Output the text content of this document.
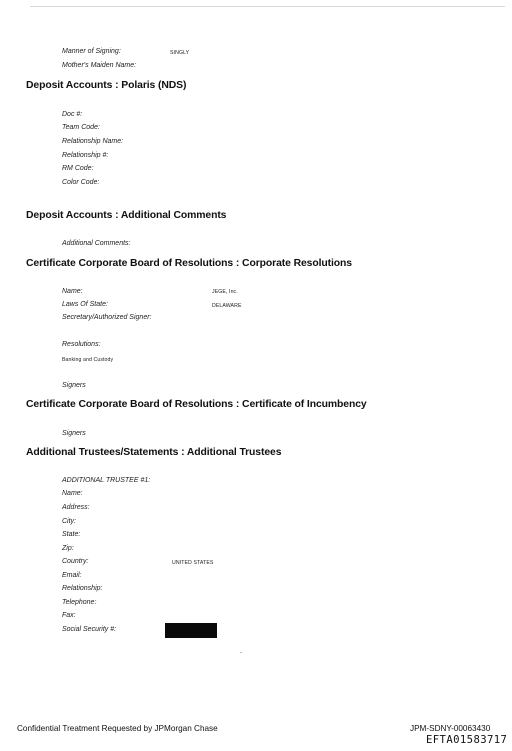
Manner of Signing:	SINGLY
Mother's Maiden Name:
Deposit Accounts : Polaris (NDS)
Doc #:
Team Code:
Relationship Name:
Relationship #:
RM Code:
Color Code:
Deposit Accounts : Additional Comments
Additional Comments:
Certificate Corporate Board of Resolutions : Corporate Resolutions
Name:	JEGE, Inc.
Laws Of State:	DELAWARE
Secretary/Authorized Signer:
Resolutions:
Banking and Custody
Signers
Certificate Corporate Board of Resolutions : Certificate of Incumbency
Signers
Additional Trustees/Statements : Additional Trustees
ADDITIONAL TRUSTEE #1:
Name:
Address:
City:
State:
Zip:
Country:	UNITED STATES
Email:
Relationship:
Telephone:
Fax:
Social Security #:
Confidential Treatment Requested by JPMorgan Chase	JPM-SDNY-00063430
EFTA01583717
